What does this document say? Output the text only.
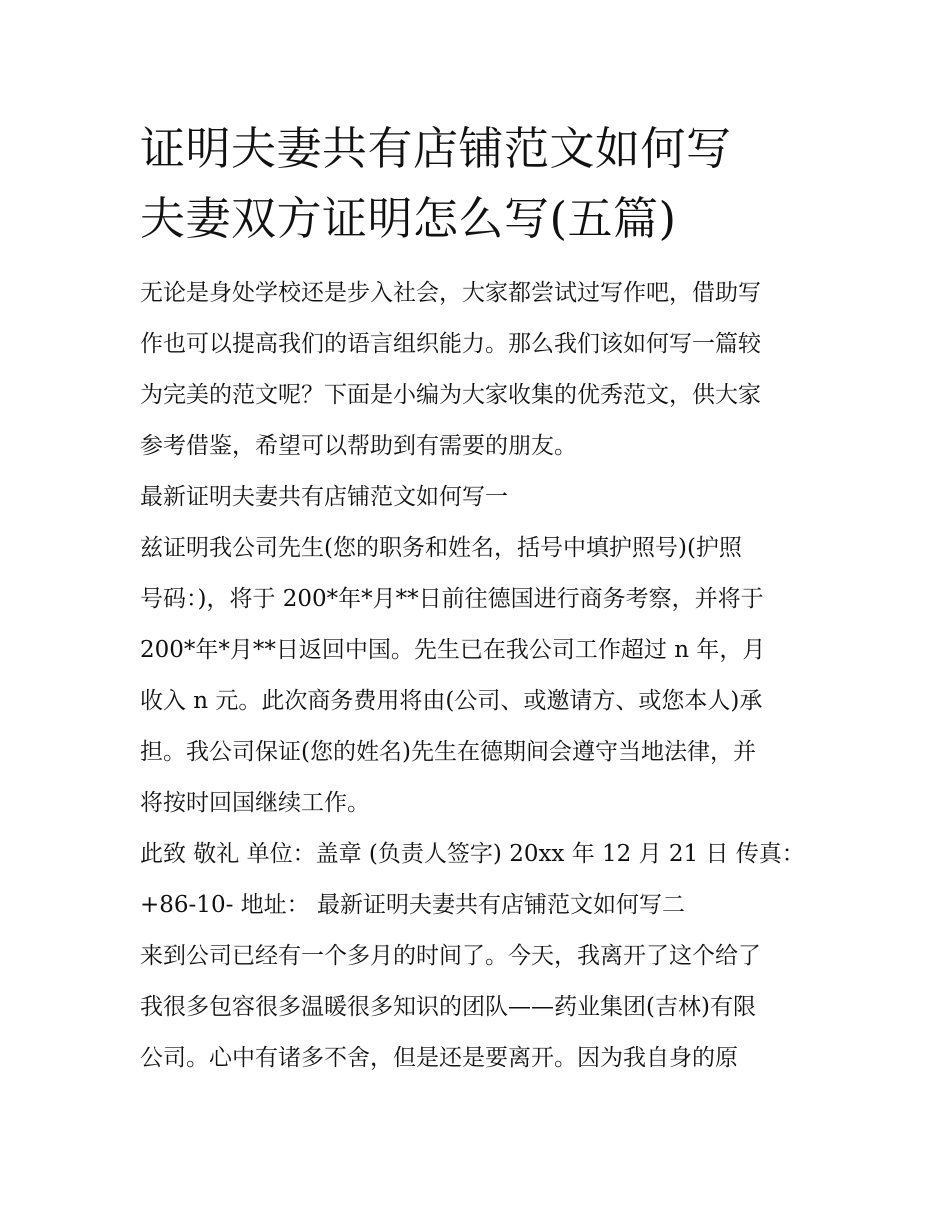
证明夫妻共有店铺范文如何写
夫妻双方证明怎么写(五篇)
无论是身处学校还是步入社会，大家都尝试过写作吧，借助写
作也可以提高我们的语言组织能力。那么我们该如何写一篇较
为完美的范文呢？下面是小编为大家收集的优秀范文，供大家
参考借鉴，希望可以帮助到有需要的朋友。
最新证明夫妻共有店铺范文如何写一
兹证明我公司先生(您的职务和姓名，括号中填护照号)(护照
号码：)，将于 200*年*月**日前往德国进行商务考察，并将于
200*年*月**日返回中国。先生已在我公司工作超过 n 年，月
收入 n 元。此次商务费用将由(公司、或邀请方、或您本人)承
担。我公司保证(您的姓名)先生在德期间会遵守当地法律，并
将按时回国继续工作。
此致 敬礼 单位：盖章 (负责人签字) 20xx 年 12 月 21 日 传真：
+86-10- 地址： 最新证明夫妻共有店铺范文如何写二
来到公司已经有一个多月的时间了。今天，我离开了这个给了
我很多包容很多温暖很多知识的团队——药业集团(吉林)有限
公司。心中有诸多不舍，但是还是要离开。因为我自身的原
